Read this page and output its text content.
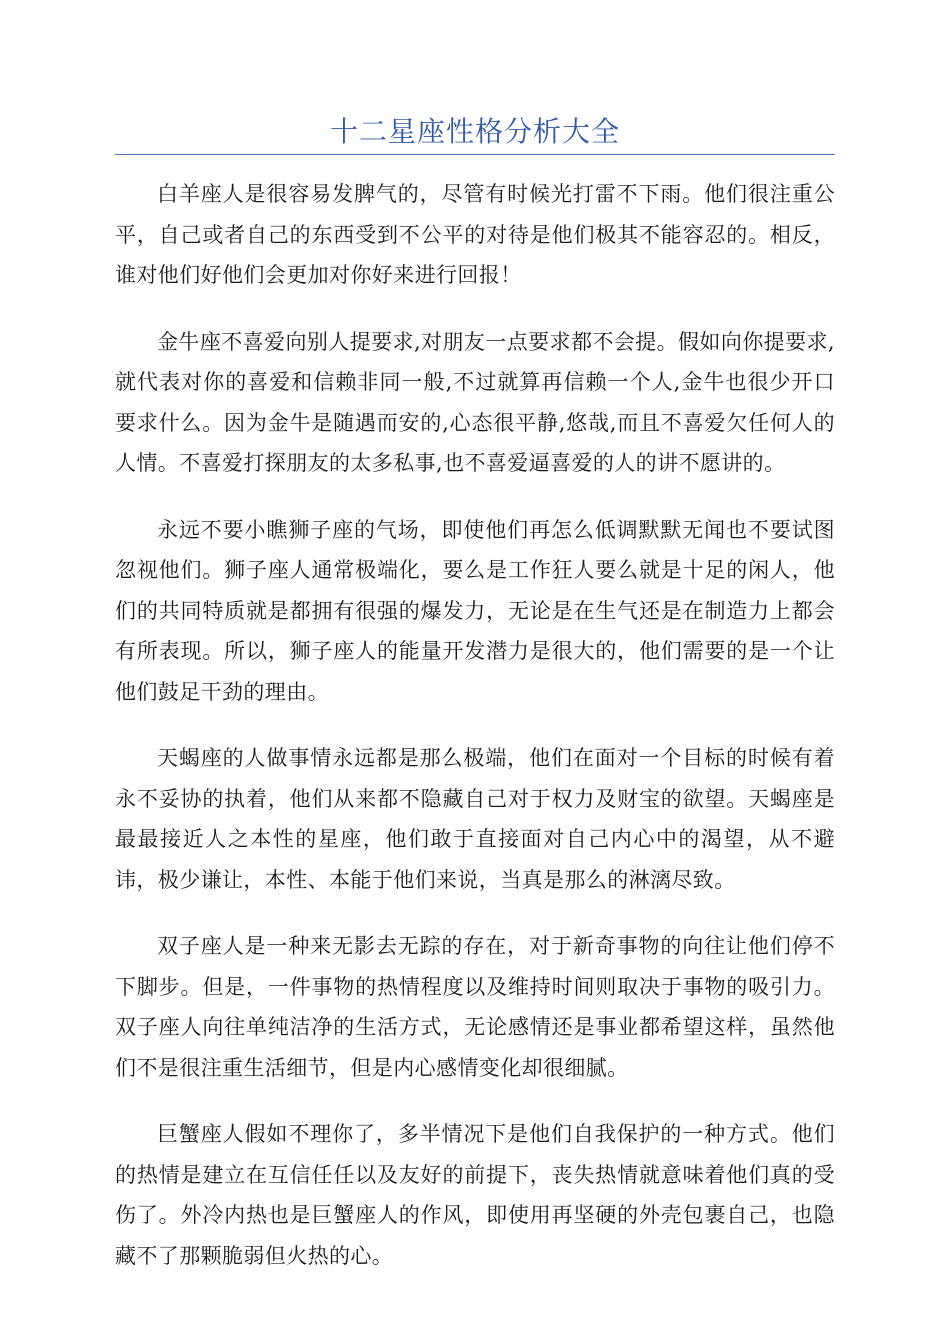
十二星座性格分析大全

白羊座人是很容易发脾气的，尽管有时候光打雷不下雨。他们很注重公平，自己或者自己的东西受到不公平的对待是他们极其不能容忍的。相反，谁对他们好他们会更加对你好来进行回报！

金牛座不喜爱向别人提要求,对朋友一点要求都不会提。假如向你提要求,就代表对你的喜爱和信赖非同一般,不过就算再信赖一个人,金牛也很少开口要求什么。因为金牛是随遇而安的,心态很平静,悠哉,而且不喜爱欠任何人的人情。不喜爱打探朋友的太多私事,也不喜爱逼喜爱的人的讲不愿讲的。

永远不要小瞧狮子座的气场，即使他们再怎么低调默默无闻也不要试图忽视他们。狮子座人通常极端化，要么是工作狂人要么就是十足的闲人，他们的共同特质就是都拥有很强的爆发力，无论是在生气还是在制造力上都会有所表现。所以，狮子座人的能量开发潜力是很大的，他们需要的是一个让他们鼓足干劲的理由。

天蝎座的人做事情永远都是那么极端，他们在面对一个目标的时候有着永不妥协的执着，他们从来都不隐藏自己对于权力及财宝的欲望。天蝎座是最最接近人之本性的星座，他们敢于直接面对自己内心中的渴望，从不避讳，极少谦让，本性、本能于他们来说，当真是那么的淋漓尽致。

双子座人是一种来无影去无踪的存在，对于新奇事物的向往让他们停不下脚步。但是，一件事物的热情程度以及维持时间则取决于事物的吸引力。双子座人向往单纯洁净的生活方式，无论感情还是事业都希望这样，虽然他们不是很注重生活细节，但是内心感情变化却很细腻。

巨蟹座人假如不理你了，多半情况下是他们自我保护的一种方式。他们的热情是建立在互信任任以及友好的前提下，丧失热情就意味着他们真的受伤了。外冷内热也是巨蟹座人的作风，即使用再坚硬的外壳包裹自己，也隐藏不了那颗脆弱但火热的心。
